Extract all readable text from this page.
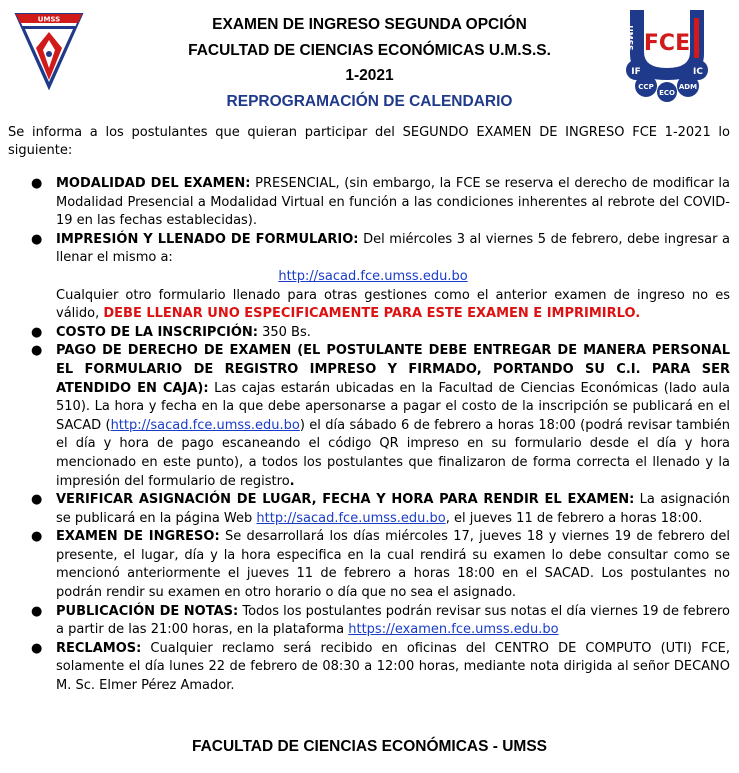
UMSS	EXAMEN DE INGRESO SEGUNDA OPCIÓN
FACULTAD DE CIENCIAS ECONÓMICAS U.M.S.S.
1-2021
REPROGRAMACIÓN DE CALENDARIO
UMSS FCE
IF	IC
CCP	ADM
ECO
Se informa a los postulantes que quieran participar del SEGUNDO EXAMEN DE INGRESO FCE 1-2021 lo siguiente:
● MODALIDAD DEL EXAMEN: PRESENCIAL, (sin embargo, la FCE se reserva el derecho de modificar la Modalidad Presencial a Modalidad Virtual en función a las condiciones inherentes al rebrote del COVID-19 en las fechas establecidas).
● IMPRESIÓN Y LLENADO DE FORMULARIO: Del miércoles 3 al viernes 5 de febrero, debe ingresar a llenar el mismo a:
http://sacad.fce.umss.edu.bo
Cualquier otro formulario llenado para otras gestiones como el anterior examen de ingreso no es válido, DEBE LLENAR UNO ESPECIFICAMENTE PARA ESTE EXAMEN E IMPRIMIRLO.
● COSTO DE LA INSCRIPCIÓN: 350 Bs.
● PAGO DE DERECHO DE EXAMEN (EL POSTULANTE DEBE ENTREGAR DE MANERA PERSONAL EL FORMULARIO DE REGISTRO IMPRESO Y FIRMADO, PORTANDO SU C.I. PARA SER ATENDIDO EN CAJA): Las cajas estarán ubicadas en la Facultad de Ciencias Económicas (lado aula 510). La hora y fecha en la que debe apersonarse a pagar el costo de la inscripción se publicará en el SACAD (http://sacad.fce.umss.edu.bo) el día sábado 6 de febrero a horas 18:00 (podrá revisar también el día y hora de pago escaneando el código QR impreso en su formulario desde el día y hora mencionado en este punto), a todos los postulantes que finalizaron de forma correcta el llenado y la impresión del formulario de registro.
● VERIFICAR ASIGNACIÓN DE LUGAR, FECHA Y HORA PARA RENDIR EL EXAMEN: La asignación se publicará en la página Web http://sacad.fce.umss.edu.bo, el jueves 11 de febrero a horas 18:00.
● EXAMEN DE INGRESO: Se desarrollará los días miércoles 17, jueves 18 y viernes 19 de febrero del presente, el lugar, día y la hora especifica en la cual rendirá su examen lo debe consultar como se mencionó anteriormente el jueves 11 de febrero a horas 18:00 en el SACAD. Los postulantes no podrán rendir su examen en otro horario o día que no sea el asignado.
● PUBLICACIÓN DE NOTAS: Todos los postulantes podrán revisar sus notas el día viernes 19 de febrero a partir de las 21:00 horas, en la plataforma https://examen.fce.umss.edu.bo
● RECLAMOS: Cualquier reclamo será recibido en oficinas del CENTRO DE COMPUTO (UTI) FCE, solamente el día lunes 22 de febrero de 08:30 a 12:00 horas, mediante nota dirigida al señor DECANO M. Sc. Elmer Pérez Amador.
FACULTAD DE CIENCIAS ECONÓMICAS - UMSS
